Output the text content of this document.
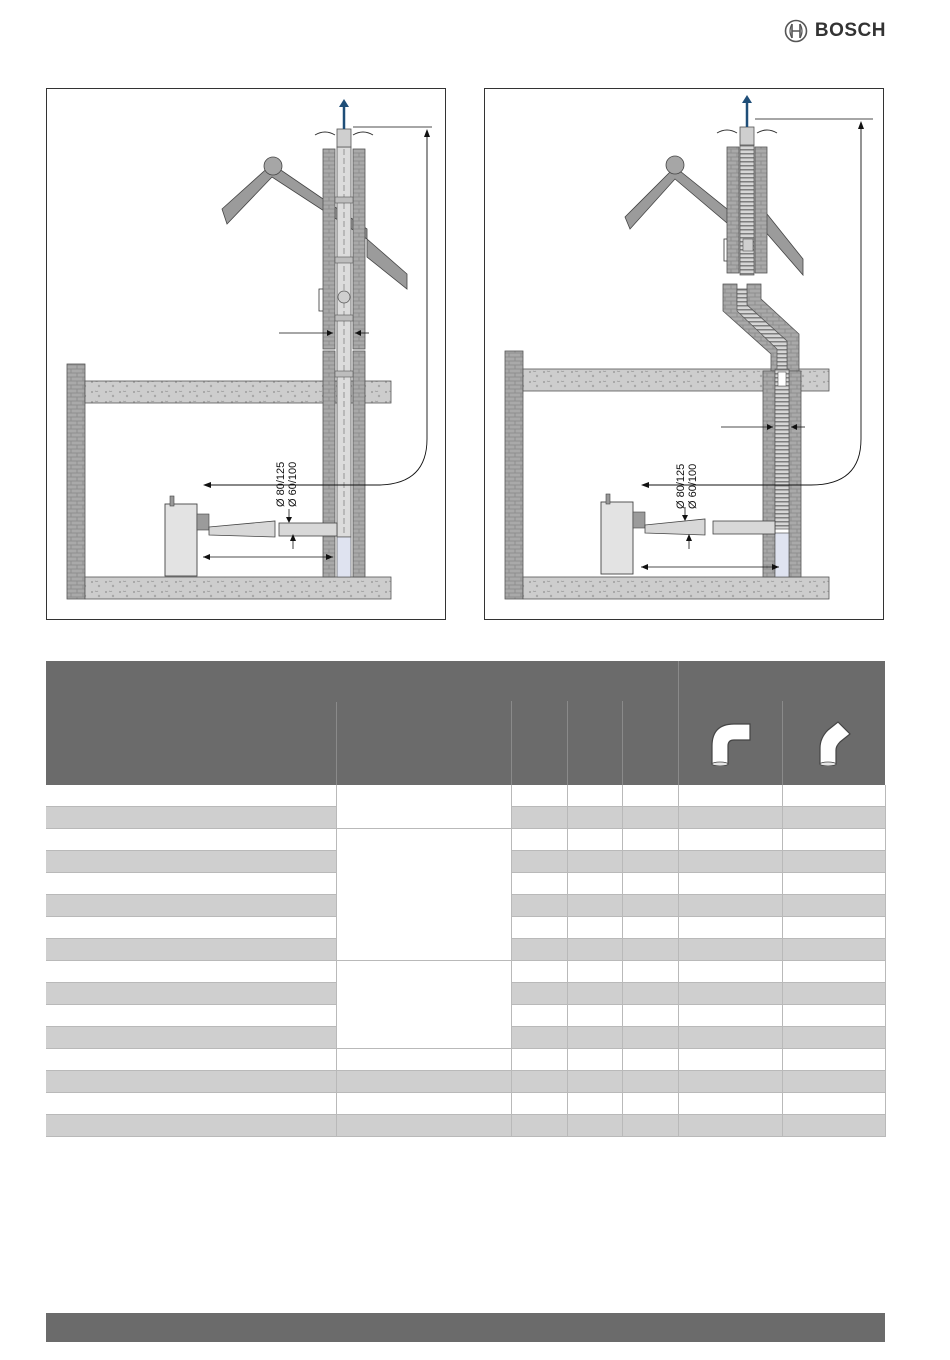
BOSCH
Ø 80/125 Ø 60/100	Ø 80/125 Ø 60/100
